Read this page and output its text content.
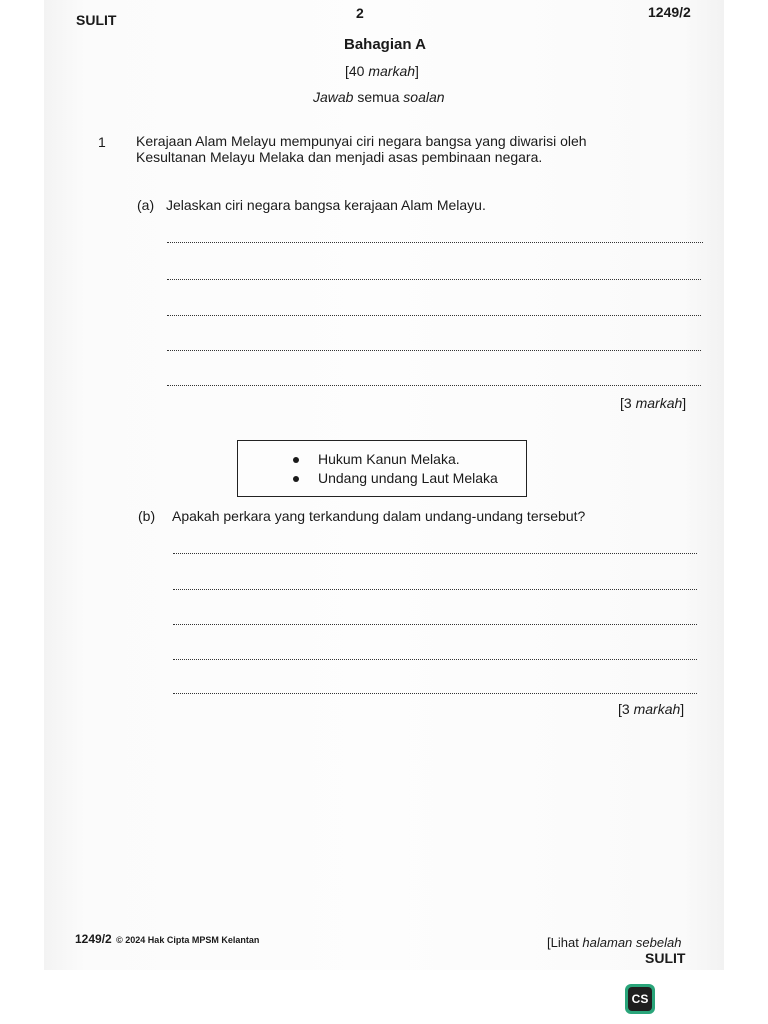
SULIT	2	1249/2
Bahagian A
[40 markah]
Jawab semua soalan
1 Kerajaan Alam Melayu mempunyai ciri negara bangsa yang diwarisi oleh
Kesultanan Melayu Melaka dan menjadi asas pembinaan negara.
(a) Jelaskan ciri negara bangsa kerajaan Alam Melayu.
[3 markah]
Hukum Kanun Melaka.
Undang undang Laut Melaka
(b) Apakah perkara yang terkandung dalam undang-undang tersebut?
[3 markah]
1249/2 © 2024 Hak Cipta MPSM Kelantan	[Lihat halaman sebelah
SULIT
CS
